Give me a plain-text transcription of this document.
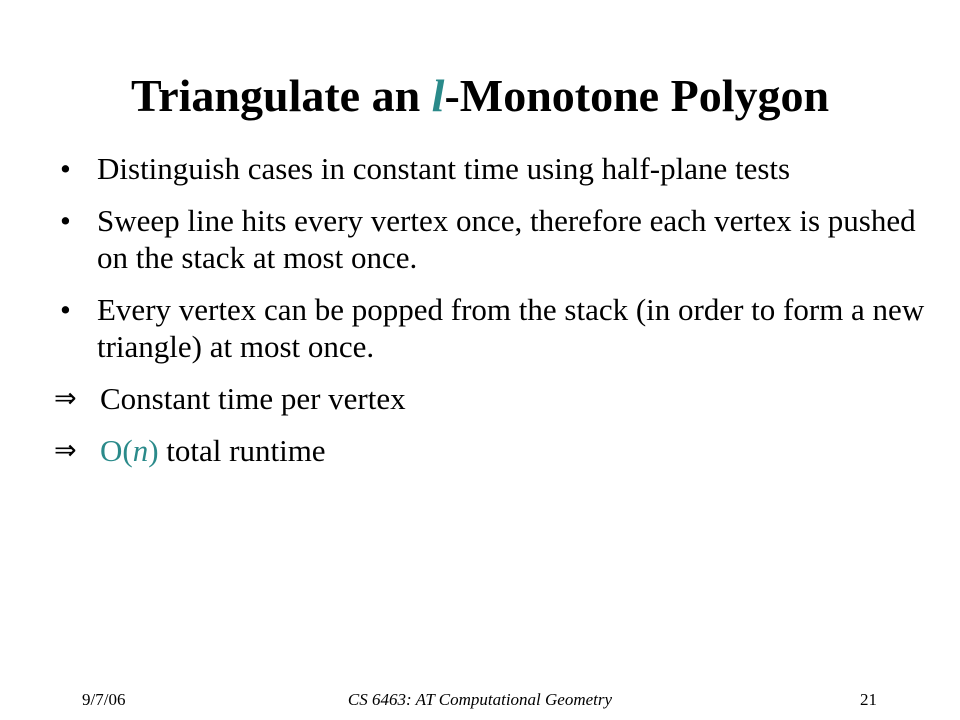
Triangulate an l-Monotone Polygon
• Distinguish cases in constant time using half-plane tests
• Sweep line hits every vertex once, therefore each vertex is pushed on the stack at most once.
• Every vertex can be popped from the stack (in order to form a new triangle) at most once.
⇒ Constant time per vertex
⇒ O(n) total runtime
9/7/06	CS 6463: AT Computational Geometry	21
